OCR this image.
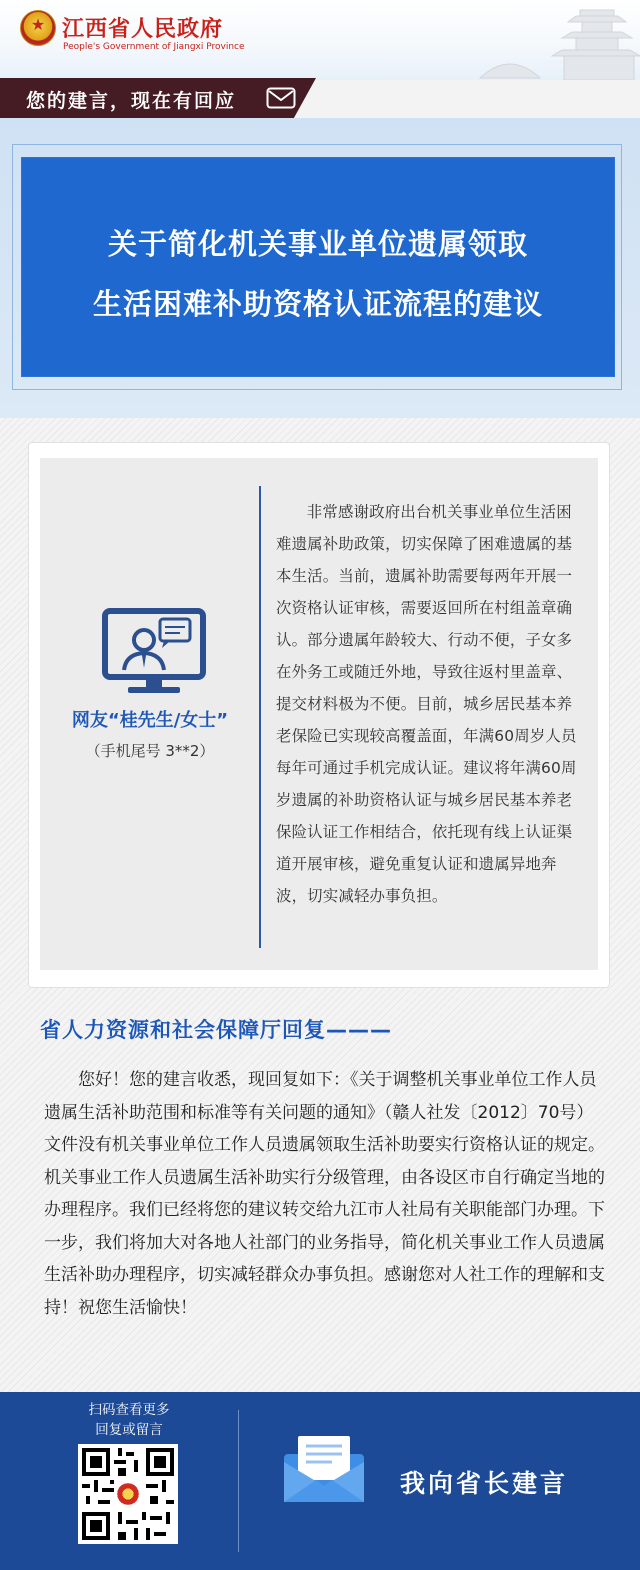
★
江西省人民政府
People's Government of Jiangxi Province
您的建言，现在有回应
关于简化机关事业单位遗属领取
生活困难补助资格认证流程的建议
网友“桂先生/女士”
（手机尾号 3**2）
非常感谢政府出台机关事业单位生活困难遗属补助政策，切实保障了困难遗属的基本生活。当前，遗属补助需要每两年开展一次资格认证审核，需要返回所在村组盖章确认。部分遗属年龄较大、行动不便，子女多在外务工或随迁外地，导致往返村里盖章、提交材料极为不便。目前，城乡居民基本养老保险已实现较高覆盖面，年满60周岁人员每年可通过手机完成认证。建议将年满60周岁遗属的补助资格认证与城乡居民基本养老保险认证工作相结合，依托现有线上认证渠道开展审核，避免重复认证和遗属异地奔波，切实减轻办事负担。
省人力资源和社会保障厅回复———
您好！您的建言收悉，现回复如下：《关于调整机关事业单位工作人员遗属生活补助范围和标准等有关问题的通知》（赣人社发〔2012〕70号）文件没有机关事业单位工作人员遗属领取生活补助要实行资格认证的规定。机关事业工作人员遗属生活补助实行分级管理，由各设区市自行确定当地的办理程序。我们已经将您的建议转交给九江市人社局有关职能部门办理。下一步，我们将加大对各地人社部门的业务指导，简化机关事业工作人员遗属生活补助办理程序，切实减轻群众办事负担。感谢您对人社工作的理解和支持！祝您生活愉快！
扫码查看更多
回复或留言
我向省长建言
